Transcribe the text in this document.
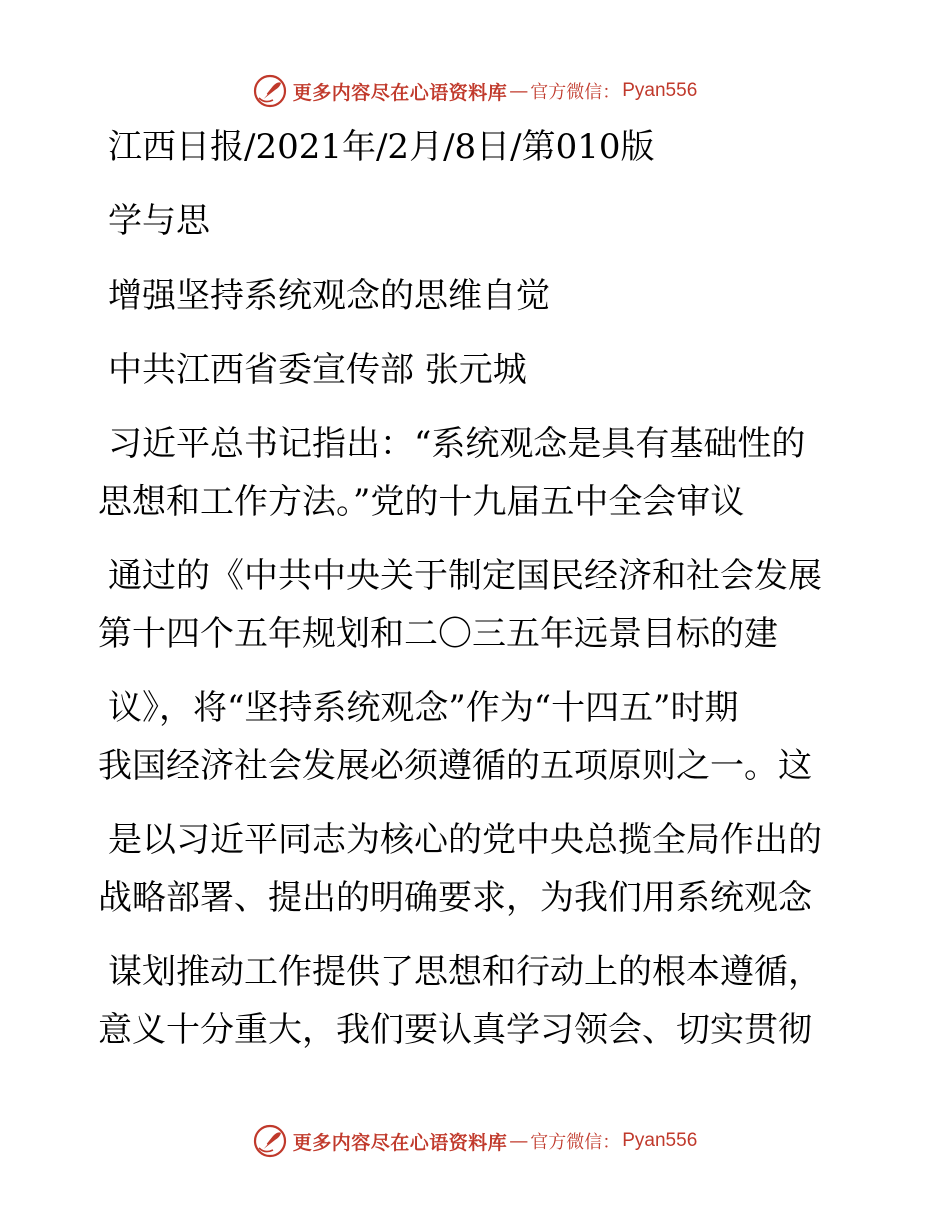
更多内容尽在心语资料库 — 官方微信： Pyan556
江西日报/2021年/2月/8日/第010版
学与思
增强坚持系统观念的思维自觉
中共江西省委宣传部 张元城
习近平总书记指出：“系统观念是具有基础性的
思想和工作方法。”党的十九届五中全会审议
通过的《中共中央关于制定国民经济和社会发展
第十四个五年规划和二〇三五年远景目标的建
议》，将“坚持系统观念”作为“十四五”时期
我国经济社会发展必须遵循的五项原则之一。这
是以习近平同志为核心的党中央总揽全局作出的
战略部署、提出的明确要求，为我们用系统观念
谋划推动工作提供了思想和行动上的根本遵循，
意义十分重大，我们要认真学习领会、切实贯彻
更多内容尽在心语资料库 — 官方微信： Pyan556
